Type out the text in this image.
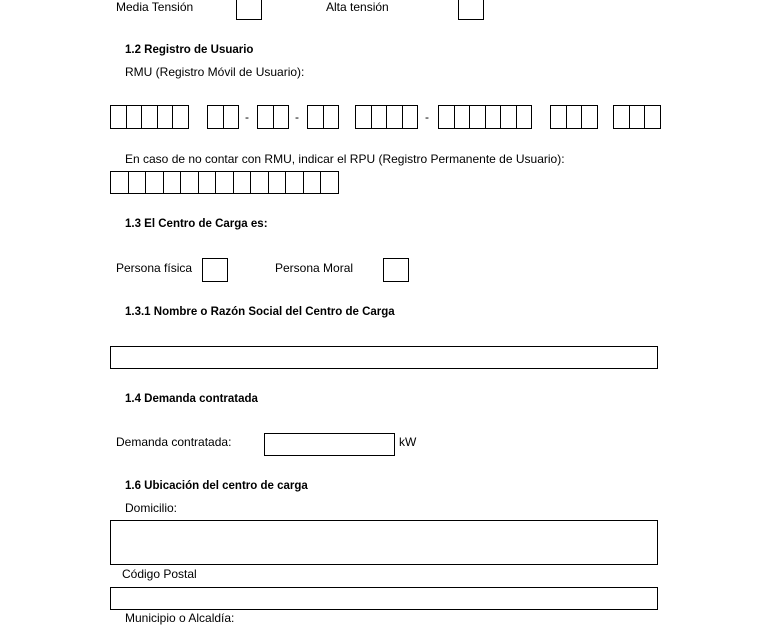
Media Tensión	Alta tensión
1.2 Registro de Usuario
RMU (Registro Móvil de Usuario):
-	-	-
En caso de no contar con RMU, indicar el RPU (Registro Permanente de Usuario):
1.3 El Centro de Carga es:
Persona física	Persona Moral
1.3.1 Nombre o Razón Social del Centro de Carga
1.4 Demanda contratada
Demanda contratada:	kW
1.6 Ubicación del centro de carga
Domicilio:
Código Postal
Municipio o Alcaldía:
